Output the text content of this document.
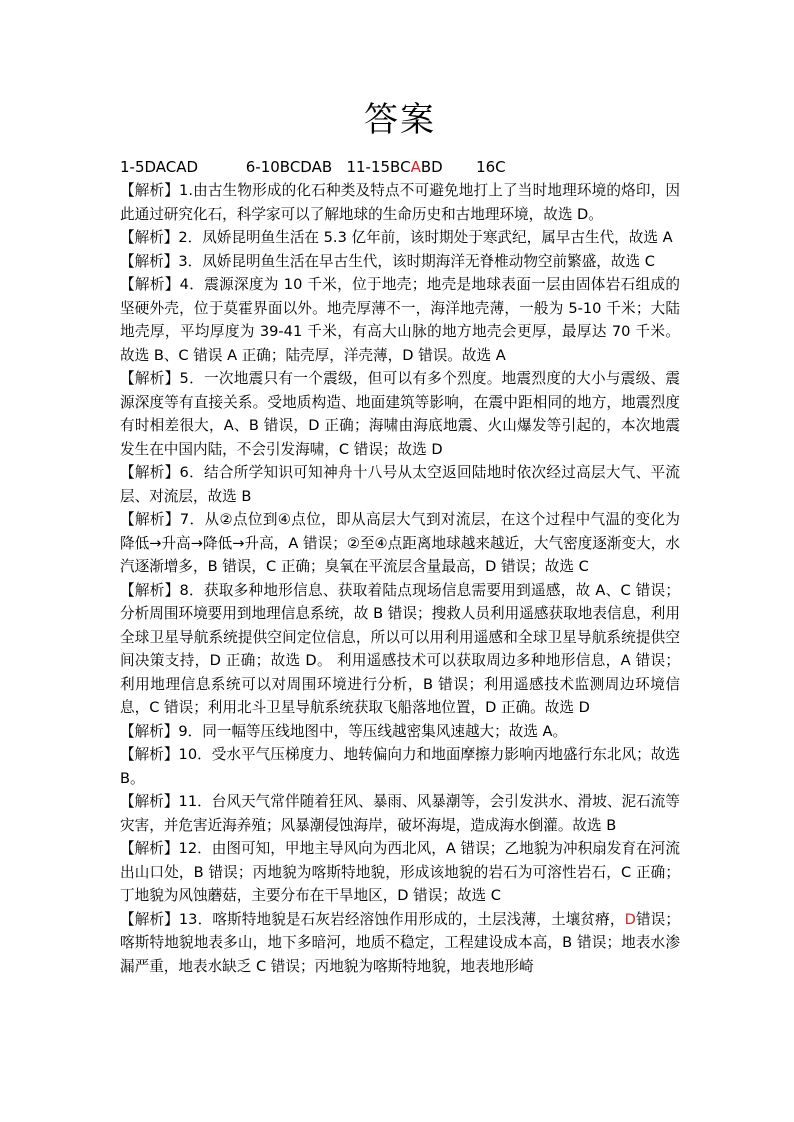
答案

1-5DACAD	6-10BCDAB 11-15BCABD 16C

【解析】1.由古生物形成的化石种类及特点不可避免地打上了当时地理环境的烙印，因此通过研究化石，科学家可以了解地球的生命历史和古地理环境，故选 D。

【解析】2．凤娇昆明鱼生活在 5.3 亿年前，该时期处于寒武纪，属早古生代，故选 A

【解析】3．凤娇昆明鱼生活在早古生代，该时期海洋无脊椎动物空前繁盛，故选 C

【解析】4．震源深度为 10 千米，位于地壳；地壳是地球表面一层由固体岩石组成的坚硬外壳，位于莫霍界面以外。地壳厚薄不一，海洋地壳薄，一般为 5-10 千米；大陆地壳厚，平均厚度为 39-41 千米，有高大山脉的地方地壳会更厚，最厚达 70 千米。故选 B、C 错误 A 正确；陆壳厚，洋壳薄，D 错误。故选 A

【解析】5．一次地震只有一个震级，但可以有多个烈度。地震烈度的大小与震级、震源深度等有直接关系。受地质构造、地面建筑等影响，在震中距相同的地方，地震烈度有时相差很大，A、B 错误，D 正确；海啸由海底地震、火山爆发等引起的，本次地震发生在中国内陆，不会引发海啸，C 错误；故选 D

【解析】6．结合所学知识可知神舟十八号从太空返回陆地时依次经过高层大气、平流层、对流层，故选 B

【解析】7．从②点位到④点位，即从高层大气到对流层，在这个过程中气温的变化为降低→升高→降低→升高，A 错误；②至④点距离地球越来越近，大气密度逐渐变大，水汽逐渐增多，B 错误，C 正确；臭氧在平流层含量最高，D 错误；故选 C

【解析】8．获取多种地形信息、获取着陆点现场信息需要用到遥感，故 A、C 错误；分析周围环境要用到地理信息系统，故 B 错误；搜救人员利用遥感获取地表信息，利用全球卫星导航系统提供空间定位信息，所以可以用利用遥感和全球卫星导航系统提供空间决策支持，D 正确；故选 D。 利用遥感技术可以获取周边多种地形信息，A 错误；利用地理信息系统可以对周围环境进行分析，B 错误；利用遥感技术监测周边环境信息，C 错误；利用北斗卫星导航系统获取飞船落地位置，D 正确。故选 D

【解析】9．同一幅等压线地图中，等压线越密集风速越大；故选 A。

【解析】10．受水平气压梯度力、地转偏向力和地面摩擦力影响丙地盛行东北风；故选 B。

【解析】11．台风天气常伴随着狂风、暴雨、风暴潮等，会引发洪水、滑坡、泥石流等灾害，并危害近海养殖；风暴潮侵蚀海岸，破坏海堤，造成海水倒灌。故选 B

【解析】12．由图可知，甲地主导风向为西北风，A 错误；乙地貌为冲积扇发育在河流出山口处，B 错误；丙地貌为喀斯特地貌，形成该地貌的岩石为可溶性岩石，C 正确；丁地貌为风蚀蘑菇，主要分布在干旱地区，D 错误；故选 C

【解析】13．喀斯特地貌是石灰岩经溶蚀作用形成的，土层浅薄，土壤贫瘠，D错误；喀斯特地貌地表多山，地下多暗河，地质不稳定，工程建设成本高，B 错误；地表水渗漏严重，地表水缺乏 C 错误；丙地貌为喀斯特地貌，地表地形崎
